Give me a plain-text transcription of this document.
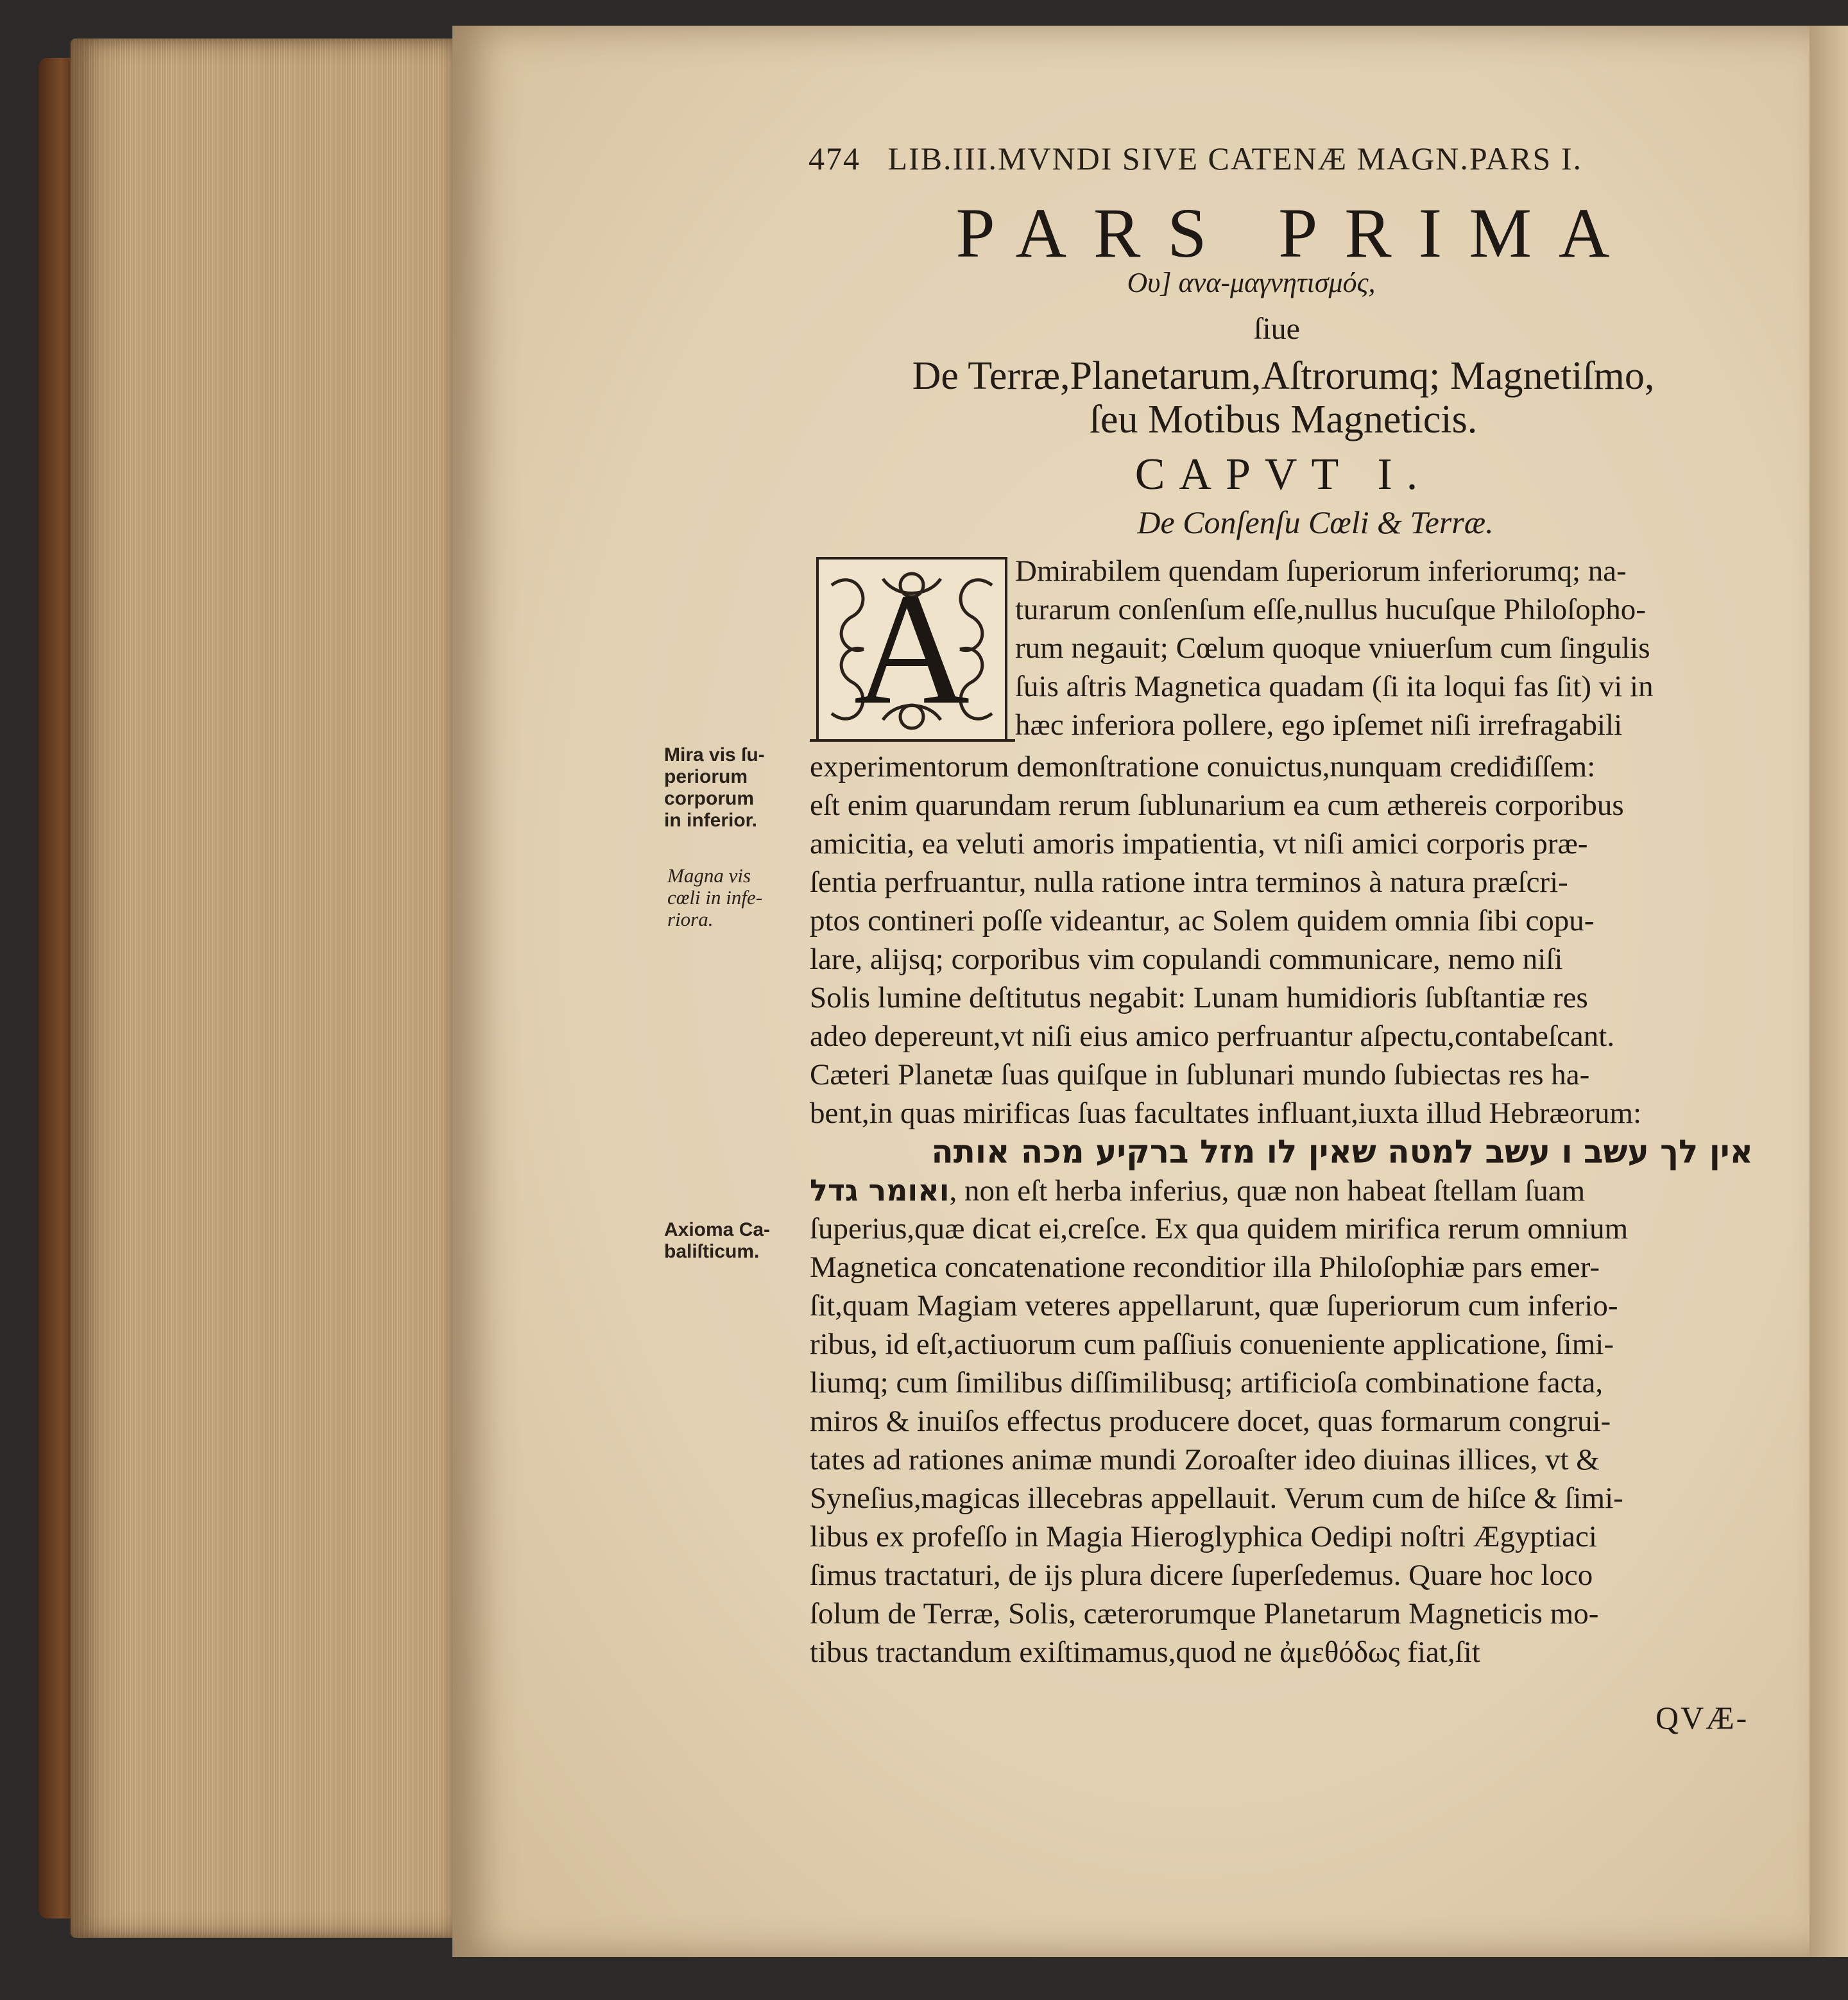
474 LIB.III.MVNDI SIVE CATENÆ MAGN.PARS I.
PARS PRIMA
Ου] ανα-μαγνητισμός,
ſiue
De Terræ,Planetarum,Aſtrorumq; Magnetiſmo,
ſeu Motibus Magneticis.
CAPVT I.
De Conſenſu Cœli & Terræ.
A Dmirabilem quendam ſuperiorum inferiorumq; na-
turarum conſenſum eſſe,nullus hucuſque Philoſopho-
rum negauit; Cœlum quoque vniuerſum cum ſingulis
ſuis aſtris Magnetica quadam (ſi ita loqui fas ſit) vi in
hæc inferiora pollere, ego ipſemet niſi irrefragabili
experimentorum demonſtratione conuictus,nunquam crediđiſſem:
eſt enim quarundam rerum ſublunarium ea cum æthereis corporibus
amicitia, ea veluti amoris impatientia, vt niſi amici corporis præ-
ſentia perfruantur, nulla ratione intra terminos à natura præſcri-
ptos contineri poſſe videantur, ac Solem quidem omnia ſibi copu-
lare, alijsq; corporibus vim copulandi communicare, nemo niſi
Solis lumine deſtitutus negabit: Lunam humidioris ſubſtantiæ res
adeo depereunt,vt niſi eius amico perfruantur aſpectu,contabeſcant.
Cæteri Planetæ ſuas quiſque in ſublunari mundo ſubiectas res ha-
bent,in quas mirificas ſuas facultates influant,iuxta illud Hebræorum:
אין לך עשב ו עשב למטה שאין לו מזל ברקיע מכה אותה
ואומר גדל, non eſt herba inferius, quæ non habeat ſtellam ſuam
ſuperius,quæ dicat ei,creſce. Ex qua quidem mirifica rerum omnium
Magnetica concatenatione reconditior illa Philoſophiæ pars emer-
ſit,quam Magiam veteres appellarunt, quæ ſuperiorum cum inferio-
ribus, id eſt,actiuorum cum paſſiuis conueniente applicatione, ſimi-
liumq; cum ſimilibus diſſimilibusq; artificioſa combinatione facta,
miros & inuiſos effectus producere docet, quas formarum congrui-
tates ad rationes animæ mundi Zoroaſter ideo diuinas illices, vt &
Syneſius,magicas illecebras appellauit. Verum cum de hiſce & ſimi-
libus ex profeſſo in Magia Hieroglyphica Oedipi noſtri Ægyptiaci
ſimus tractaturi, de ijs plura dicere ſuperſedemus. Quare hoc loco
ſolum de Terræ, Solis, cæterorumque Planetarum Magneticis mo-
tibus tractandum exiſtimamus,quod ne ἀμεθόδως fiat,ſit
Mira vis ſu-
periorum
corporum
in inferior.
Magna vis
cœli in infe-
riora.
Axioma Ca-
baliſticum.
QVÆ-
